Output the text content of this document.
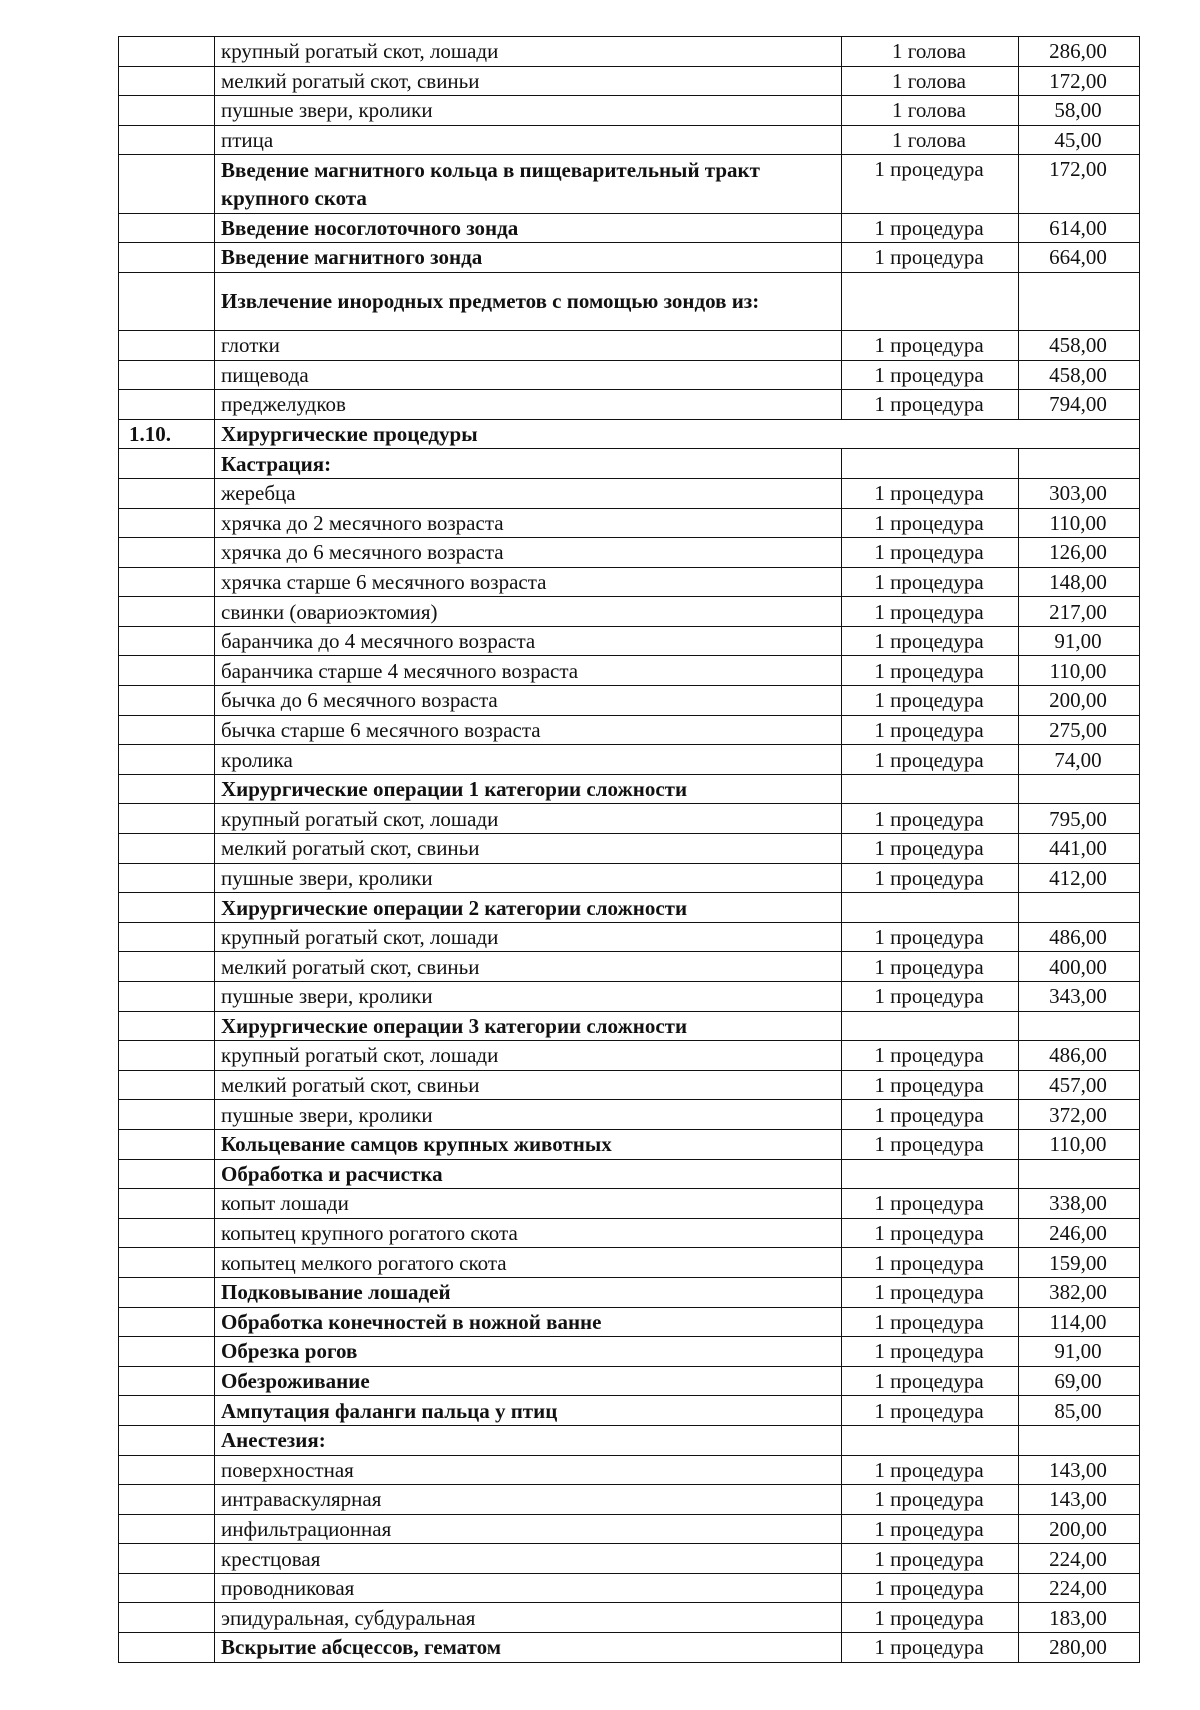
	крупный рогатый скот, лошади	1 голова	286,00
	мелкий рогатый скот, свиньи	1 голова	172,00
	пушные звери, кролики	1 голова	58,00
	птица	1 голова	45,00
	Введение магнитного кольца в пищеварительный тракт крупного скота	1 процедура	172,00
	Введение носоглоточного зонда	1 процедура	614,00
	Введение магнитного зонда	1 процедура	664,00
	Извлечение инородных предметов с помощью зондов из:		
	глотки	1 процедура	458,00
	пищевода	1 процедура	458,00
	преджелудков	1 процедура	794,00
1.10.	Хирургические процедуры		
	Кастрация:		
	жеребца	1 процедура	303,00
	хрячка до 2 месячного возраста	1 процедура	110,00
	хрячка до 6 месячного возраста	1 процедура	126,00
	хрячка старше 6 месячного возраста	1 процедура	148,00
	свинки (овариоэктомия)	1 процедура	217,00
	баранчика до 4 месячного возраста	1 процедура	91,00
	баранчика старше 4 месячного возраста	1 процедура	110,00
	бычка до 6 месячного возраста	1 процедура	200,00
	бычка старше 6 месячного возраста	1 процедура	275,00
	кролика	1 процедура	74,00
	Хирургические операции 1 категории сложности		
	крупный рогатый скот, лошади	1 процедура	795,00
	мелкий рогатый скот, свиньи	1 процедура	441,00
	пушные звери, кролики	1 процедура	412,00
	Хирургические операции 2 категории сложности		
	крупный рогатый скот, лошади	1 процедура	486,00
	мелкий рогатый скот, свиньи	1 процедура	400,00
	пушные звери, кролики	1 процедура	343,00
	Хирургические операции 3 категории сложности		
	крупный рогатый скот, лошади	1 процедура	486,00
	мелкий рогатый скот, свиньи	1 процедура	457,00
	пушные звери, кролики	1 процедура	372,00
	Кольцевание самцов крупных животных	1 процедура	110,00
	Обработка и расчистка		
	копыт лошади	1 процедура	338,00
	копытец крупного рогатого скота	1 процедура	246,00
	копытец мелкого рогатого скота	1 процедура	159,00
	Подковывание лошадей	1 процедура	382,00
	Обработка конечностей в ножной ванне	1 процедура	114,00
	Обрезка рогов	1 процедура	91,00
	Обезроживание	1 процедура	69,00
	Ампутация фаланги пальца у птиц	1 процедура	85,00
	Анестезия:		
	поверхностная	1 процедура	143,00
	интраваскулярная	1 процедура	143,00
	инфильтрационная	1 процедура	200,00
	крестцовая	1 процедура	224,00
	проводниковая	1 процедура	224,00
	эпидуральная, субдуральная	1 процедура	183,00
	Вскрытие абсцессов, гематом	1 процедура	280,00
